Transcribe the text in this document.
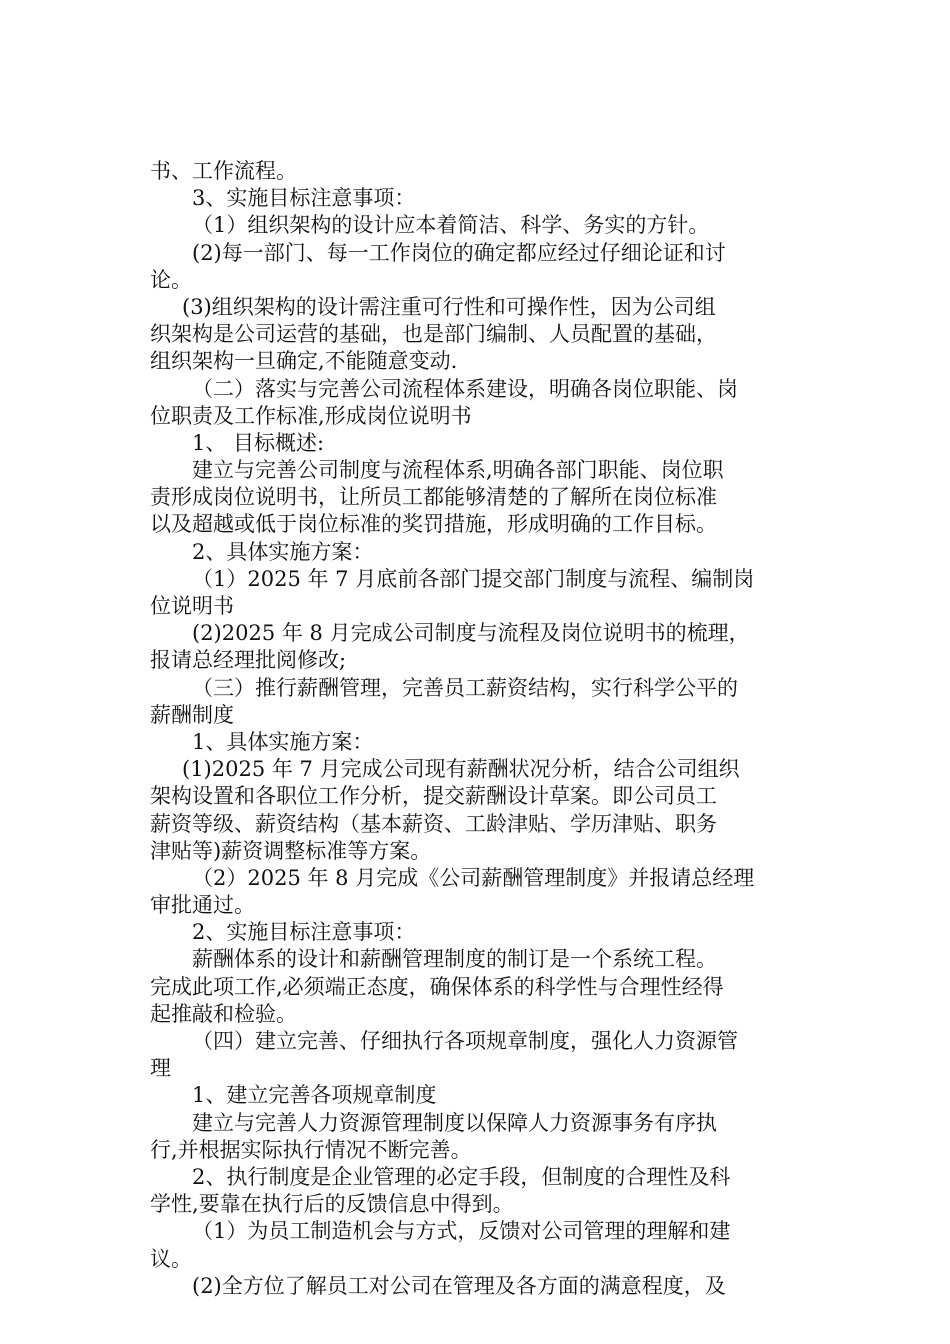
书、工作流程。
3、实施目标注意事项：
（1）组织架构的设计应本着简洁、科学、务实的方针。
(2)每一部门、每一工作岗位的确定都应经过仔细论证和讨
论。
(3)组织架构的设计需注重可行性和可操作性，因为公司组
织架构是公司运营的基础，也是部门编制、人员配置的基础，
组织架构一旦确定,不能随意变动.
（二）落实与完善公司流程体系建设，明确各岗位职能、岗
位职责及工作标准,形成岗位说明书
1、 目标概述:
建立与完善公司制度与流程体系,明确各部门职能、岗位职
责形成岗位说明书，让所员工都能够清楚的了解所在岗位标准
以及超越或低于岗位标准的奖罚措施，形成明确的工作目标。
2、具体实施方案：
（1）2025 年 7 月底前各部门提交部门制度与流程、编制岗
位说明书
(2)2025 年 8 月完成公司制度与流程及岗位说明书的梳理，
报请总经理批阅修改;
（三）推行薪酬管理，完善员工薪资结构，实行科学公平的
薪酬制度
1、具体实施方案：
(1)2025 年 7 月完成公司现有薪酬状况分析，结合公司组织
架构设置和各职位工作分析，提交薪酬设计草案。即公司员工
薪资等级、薪资结构（基本薪资、工龄津贴、学历津贴、职务
津贴等)薪资调整标准等方案。
（2）2025 年 8 月完成《公司薪酬管理制度》并报请总经理
审批通过。
2、实施目标注意事项：
薪酬体系的设计和薪酬管理制度的制订是一个系统工程。
完成此项工作,必须端正态度，确保体系的科学性与合理性经得
起推敲和检验。
（四）建立完善、仔细执行各项规章制度，强化人力资源管
理
1、建立完善各项规章制度
建立与完善人力资源管理制度以保障人力资源事务有序执
行,并根据实际执行情况不断完善。
2、执行制度是企业管理的必定手段，但制度的合理性及科
学性,要靠在执行后的反馈信息中得到。
（1）为员工制造机会与方式，反馈对公司管理的理解和建
议。
(2)全方位了解员工对公司在管理及各方面的满意程度，及
